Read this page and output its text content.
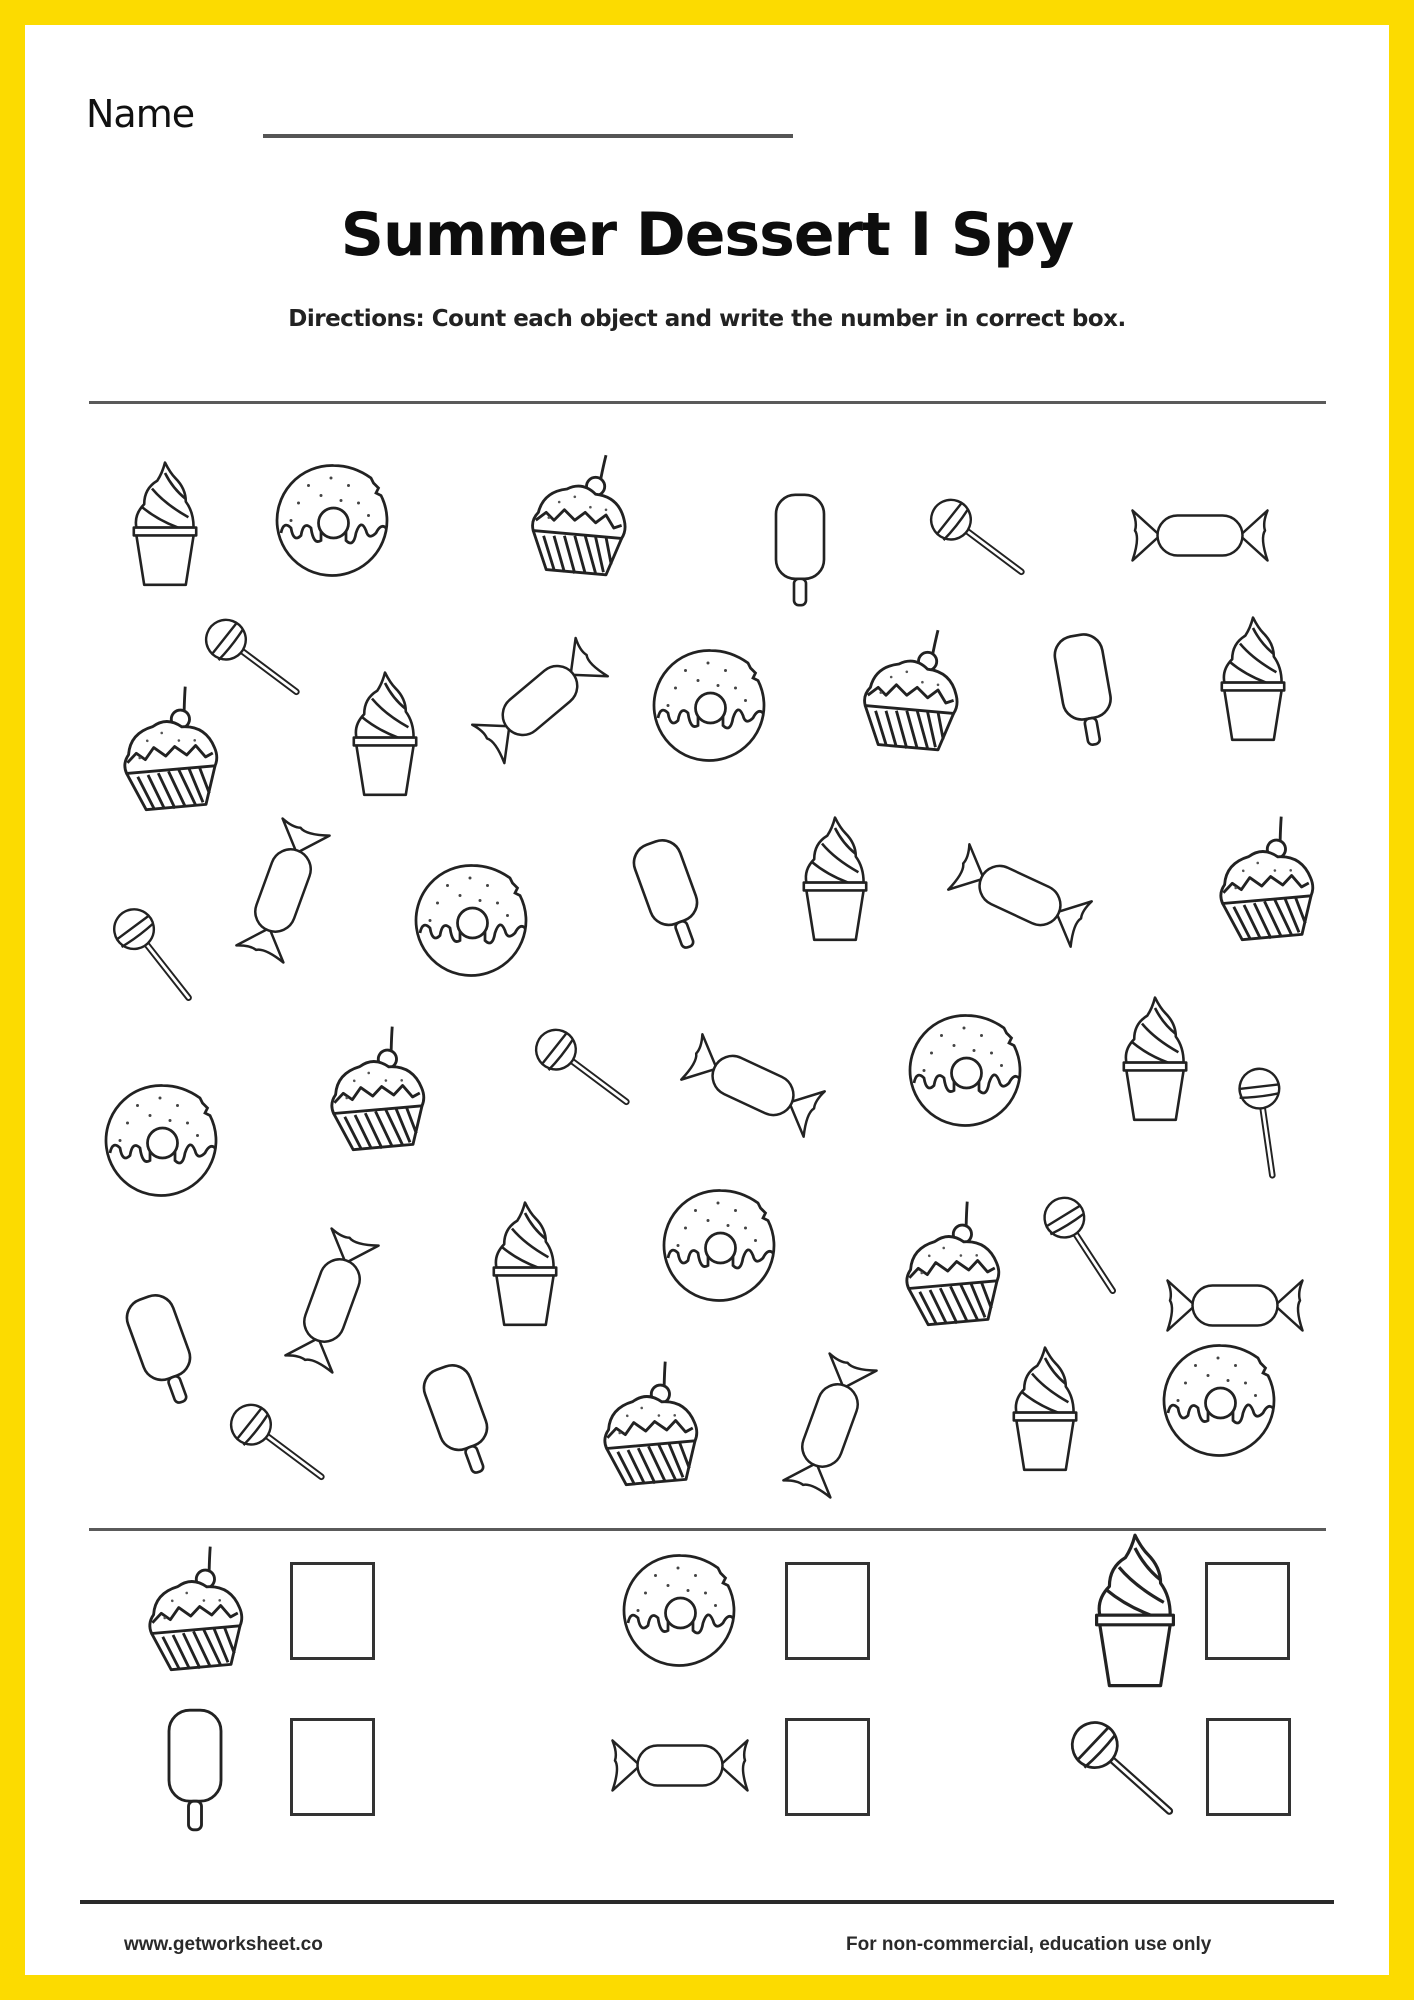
Name
Summer Dessert I Spy
Directions: Count each object and write the number in correct box.
www.getworksheet.co	For non-commercial, education use only
